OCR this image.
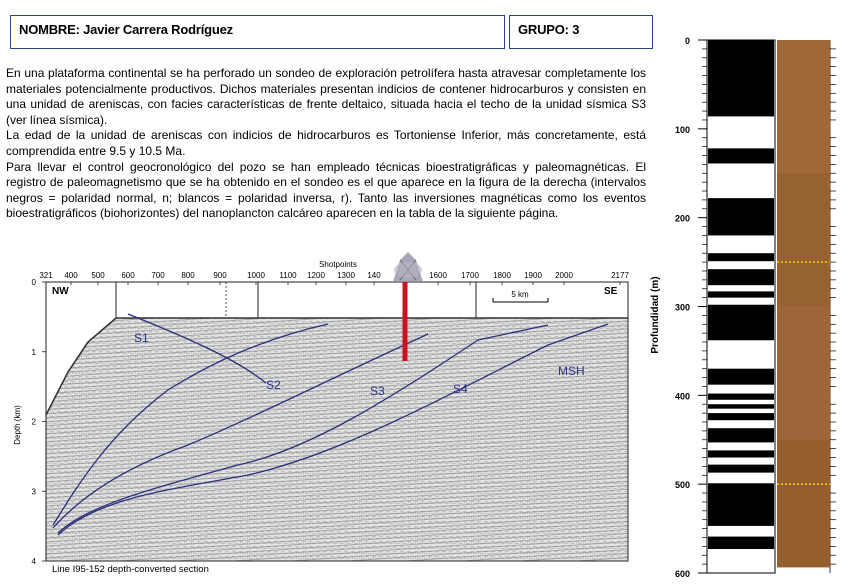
NOMBRE: Javier Carrera Rodríguez	GRUPO: 3

En una plataforma continental se ha perforado un sondeo de exploración petrolífera hasta atravesar completamente los materiales potencialmente productivos. Dichos materiales presentan indicios de contener hidrocarburos y consisten en una unidad de areniscas, con facies características de frente deltaico, situada hacia el techo de la unidad sísmica S3 (ver línea sísmica).

La edad de la unidad de areniscas con indicios de hidrocarburos es Tortoniense Inferior, más concretamente, está comprendida entre 9.5 y 10.5 Ma.

Para llevar el control geocronológico del pozo se han empleado técnicas bioestratigráficas y paleomagnéticas. El registro de paleomagnetismo que se ha obtenido en el sondeo es el que aparece en la figura de la derecha (intervalos negros = polaridad normal, n; blancos = polaridad inversa, r). Tanto las inversiones magnéticas como los eventos bioestratigráficos (biohorizontes) del nanoplancton calcáreo aparecen en la tabla de la siguiente página.

Shotpoints
321 400 500 600 700 800 900	1000 1100 1200 1300 140	1600 1700 1800 1900 2000	2177
0
1
2
3
4
Depth (km)
NW	SE
5 km
S1
S2	S3	S4
MSH
Line I95-152 depth-converted section
Profundidad (m)
0
100
200
300
400
500
600
